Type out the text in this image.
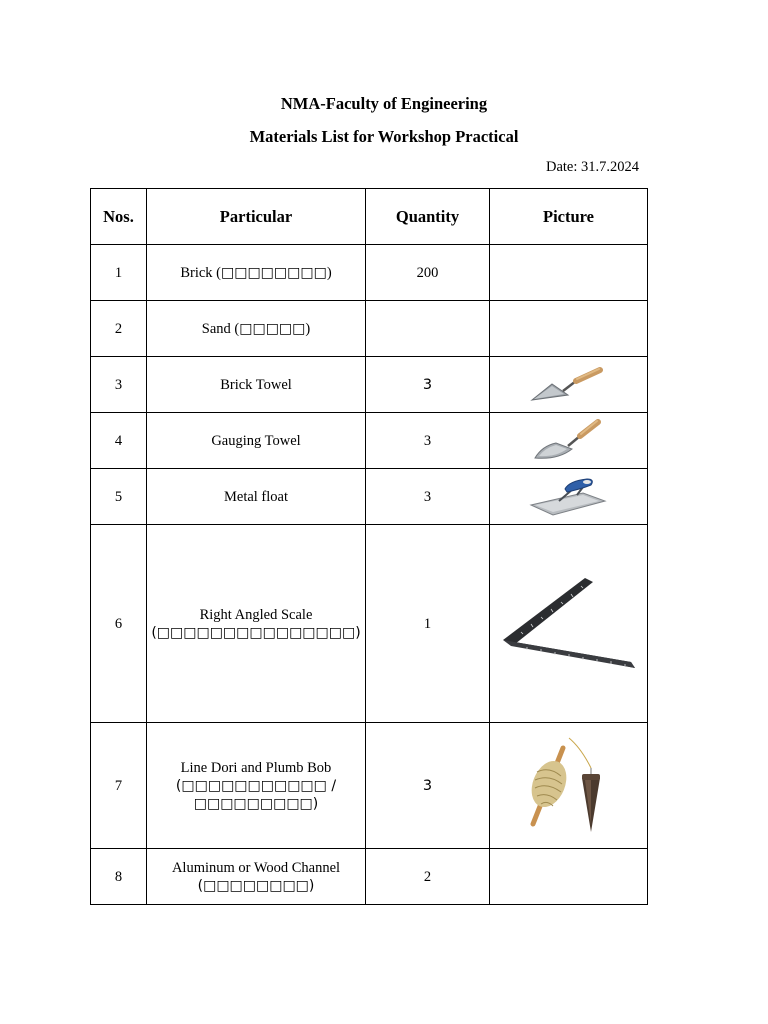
NMA-Faculty of Engineering
Materials List for Workshop Practical
Date: 31.7.2024
Nos.	Particular	Quantity	Picture
1	Brick (□□□□□□□□)	200	
2	Sand (□□□□□)		
3	Brick Towel	3	

4	Gauging Towel	3	

5	Metal float	3	

6	Right Angled Scale
(□□□□□□□□□□□□□□□)	1	

7	Line Dori and Plumb Bob
(□□□□□□□□□□□ / □□□□□□□□□)	3	

8	Aluminum or Wood Channel
(□□□□□□□□)	2	
